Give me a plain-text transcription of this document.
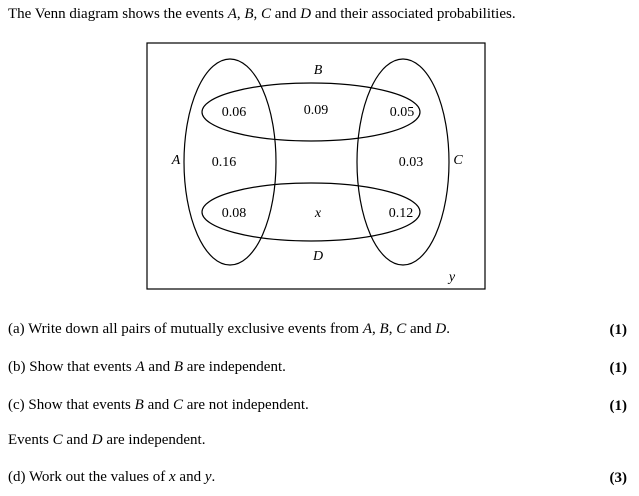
The Venn diagram shows the events A, B, C and D and their associated probabilities.
B
A	C
D
y
0.06	0.09	0.05
0.16	0.03
0.08	x	0.12
(a) Write down all pairs of mutually exclusive events from A, B, C and D.	(1)
(b) Show that events A and B are independent.	(1)
(c) Show that events B and C are not independent.	(1)
Events C and D are independent.
(d) Work out the values of x and y.	(3)
